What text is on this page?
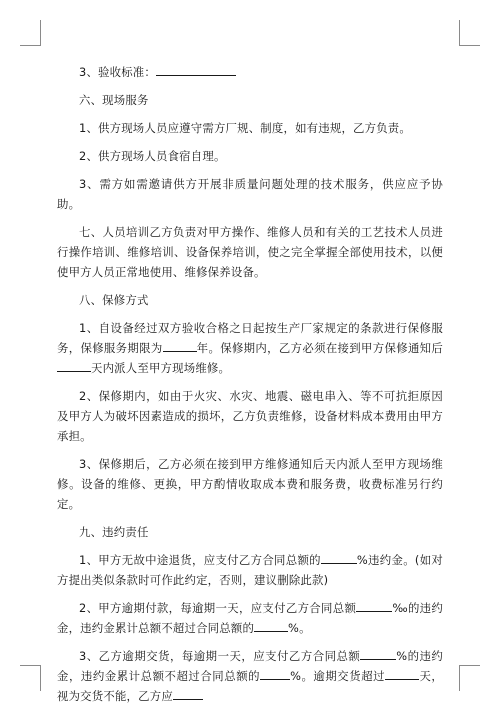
3、验收标准：

六、现场服务

1、供方现场人员应遵守需方厂规、制度，如有违规，乙方负责。

2、供方现场人员食宿自理。

3、需方如需邀请供方开展非质量问题处理的技术服务，供应应予协助。

七、人员培训乙方负责对甲方操作、维修人员和有关的工艺技术人员进行操作培训、维修培训、设备保养培训，使之完全掌握全部使用技术，以便使甲方人员正常地使用、维修保养设备。

八、保修方式

1、自设备经过双方验收合格之日起按生产厂家规定的条款进行保修服务，保修服务期限为	年。保修期内，乙方必须在接到甲方保修通知后天内派人至甲方现场维修。

2、保修期内，如由于火灾、水灾、地震、磁电串入、等不可抗拒原因及甲方人为破坏因素造成的损坏，乙方负责维修，设备材料成本费用由甲方承担。

3、保修期后，乙方必须在接到甲方维修通知后天内派人至甲方现场维修。设备的维修、更换，甲方酌情收取成本费和服务费，收费标准另行约定。

九、违约责任

1、甲方无故中途退货，应支付乙方合同总额的	%违约金。(如对方提出类似条款时可作此约定，否则，建议删除此款)

2、甲方逾期付款，每逾期一天，应支付乙方合同总额	‰的违约金，违约金累计总额不超过合同总额的	%。

3、乙方逾期交货，每逾期一天，应支付乙方合同总额	%的违约金，违约金累计总额不超过合同总额的	%。逾期交货超过	天，视为交货不能，乙方应
